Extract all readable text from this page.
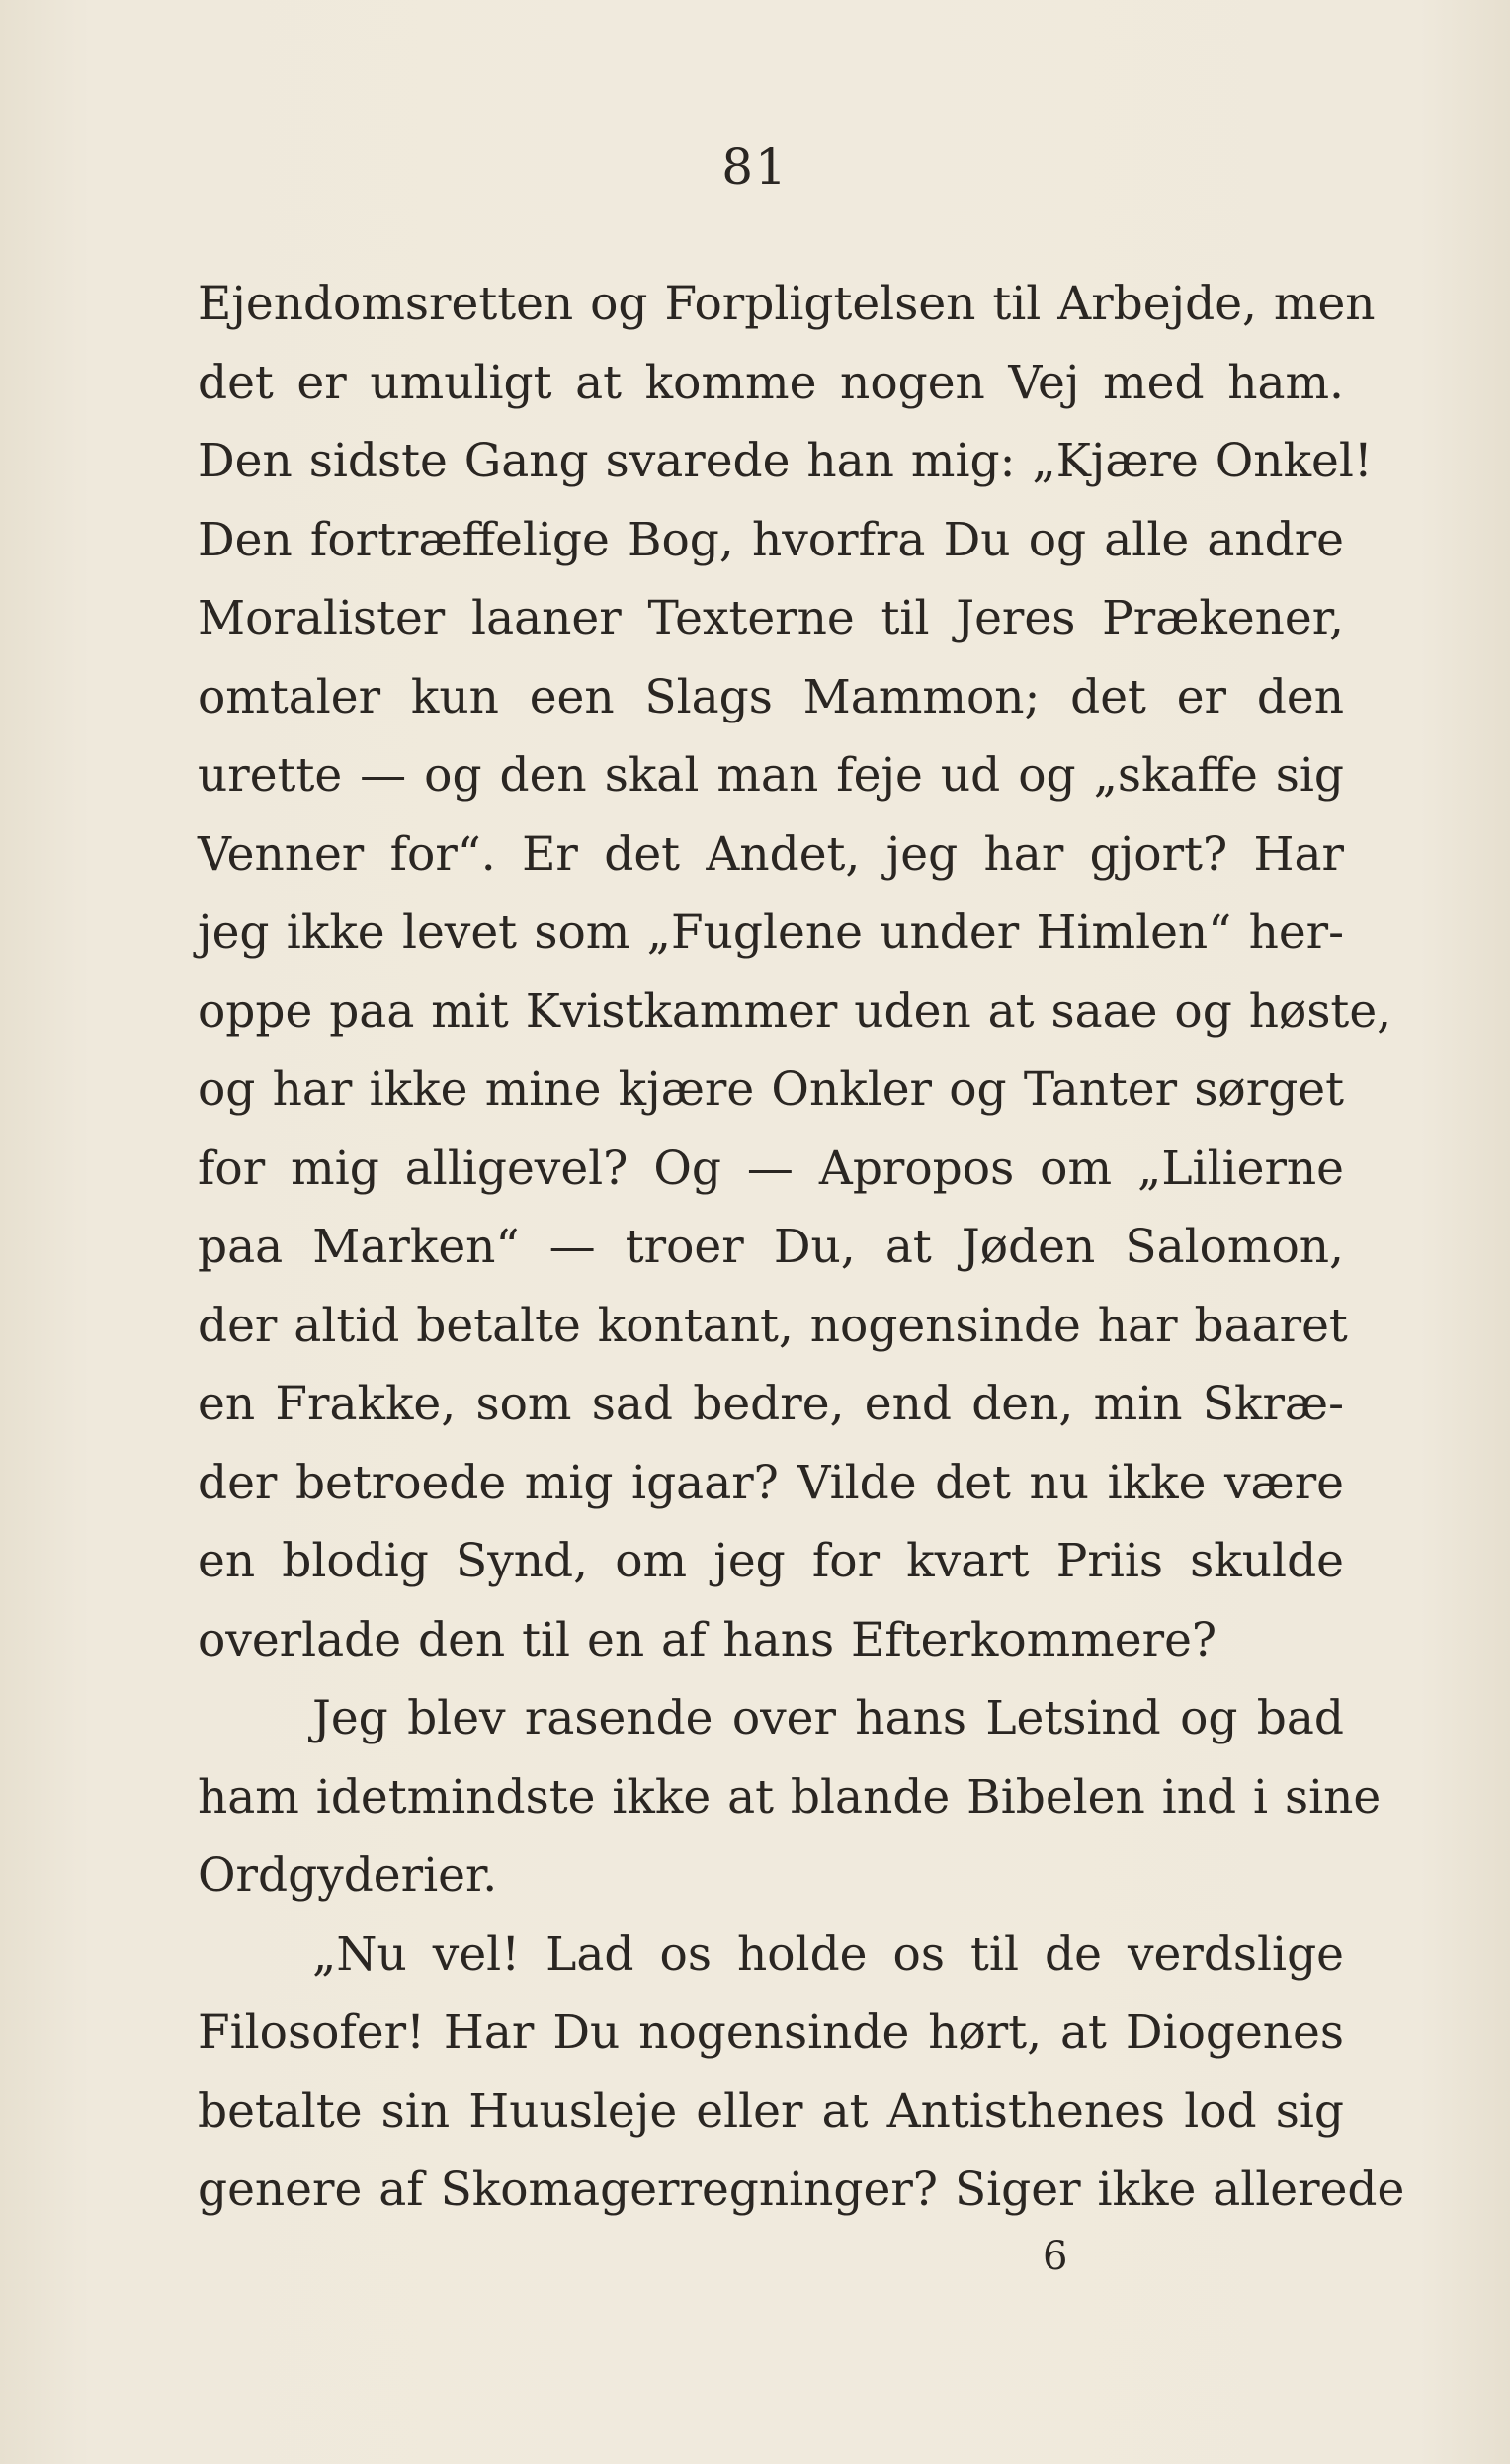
81
Ejendomsretten og Forpligtelsen til Arbejde, men
det er umuligt at komme nogen Vej med ham.
Den sidste Gang svarede han mig: „Kjære Onkel!
Den fortræffelige Bog, hvorfra Du og alle andre
Moralister laaner Texterne til Jeres Prækener,
omtaler kun een Slags Mammon; det er den
urette — og den skal man feje ud og „skaffe sig
Venner for“. Er det Andet, jeg har gjort? Har
jeg ikke levet som „Fuglene under Himlen“ her-
oppe paa mit Kvistkammer uden at saae og høste,
og har ikke mine kjære Onkler og Tanter sørget
for mig alligevel? Og — Apropos om „Lilierne
paa Marken“ — troer Du, at Jøden Salomon,
der altid betalte kontant, nogensinde har baaret
en Frakke, som sad bedre, end den, min Skræ-
der betroede mig igaar? Vilde det nu ikke være
en blodig Synd, om jeg for kvart Priis skulde
overlade den til en af hans Efterkommere?
Jeg blev rasende over hans Letsind og bad
ham idetmindste ikke at blande Bibelen ind i sine
Ordgyderier.
„Nu vel! Lad os holde os til de verdslige
Filosofer! Har Du nogensinde hørt, at Diogenes
betalte sin Huusleje eller at Antisthenes lod sig
genere af Skomagerregninger? Siger ikke allerede
6
